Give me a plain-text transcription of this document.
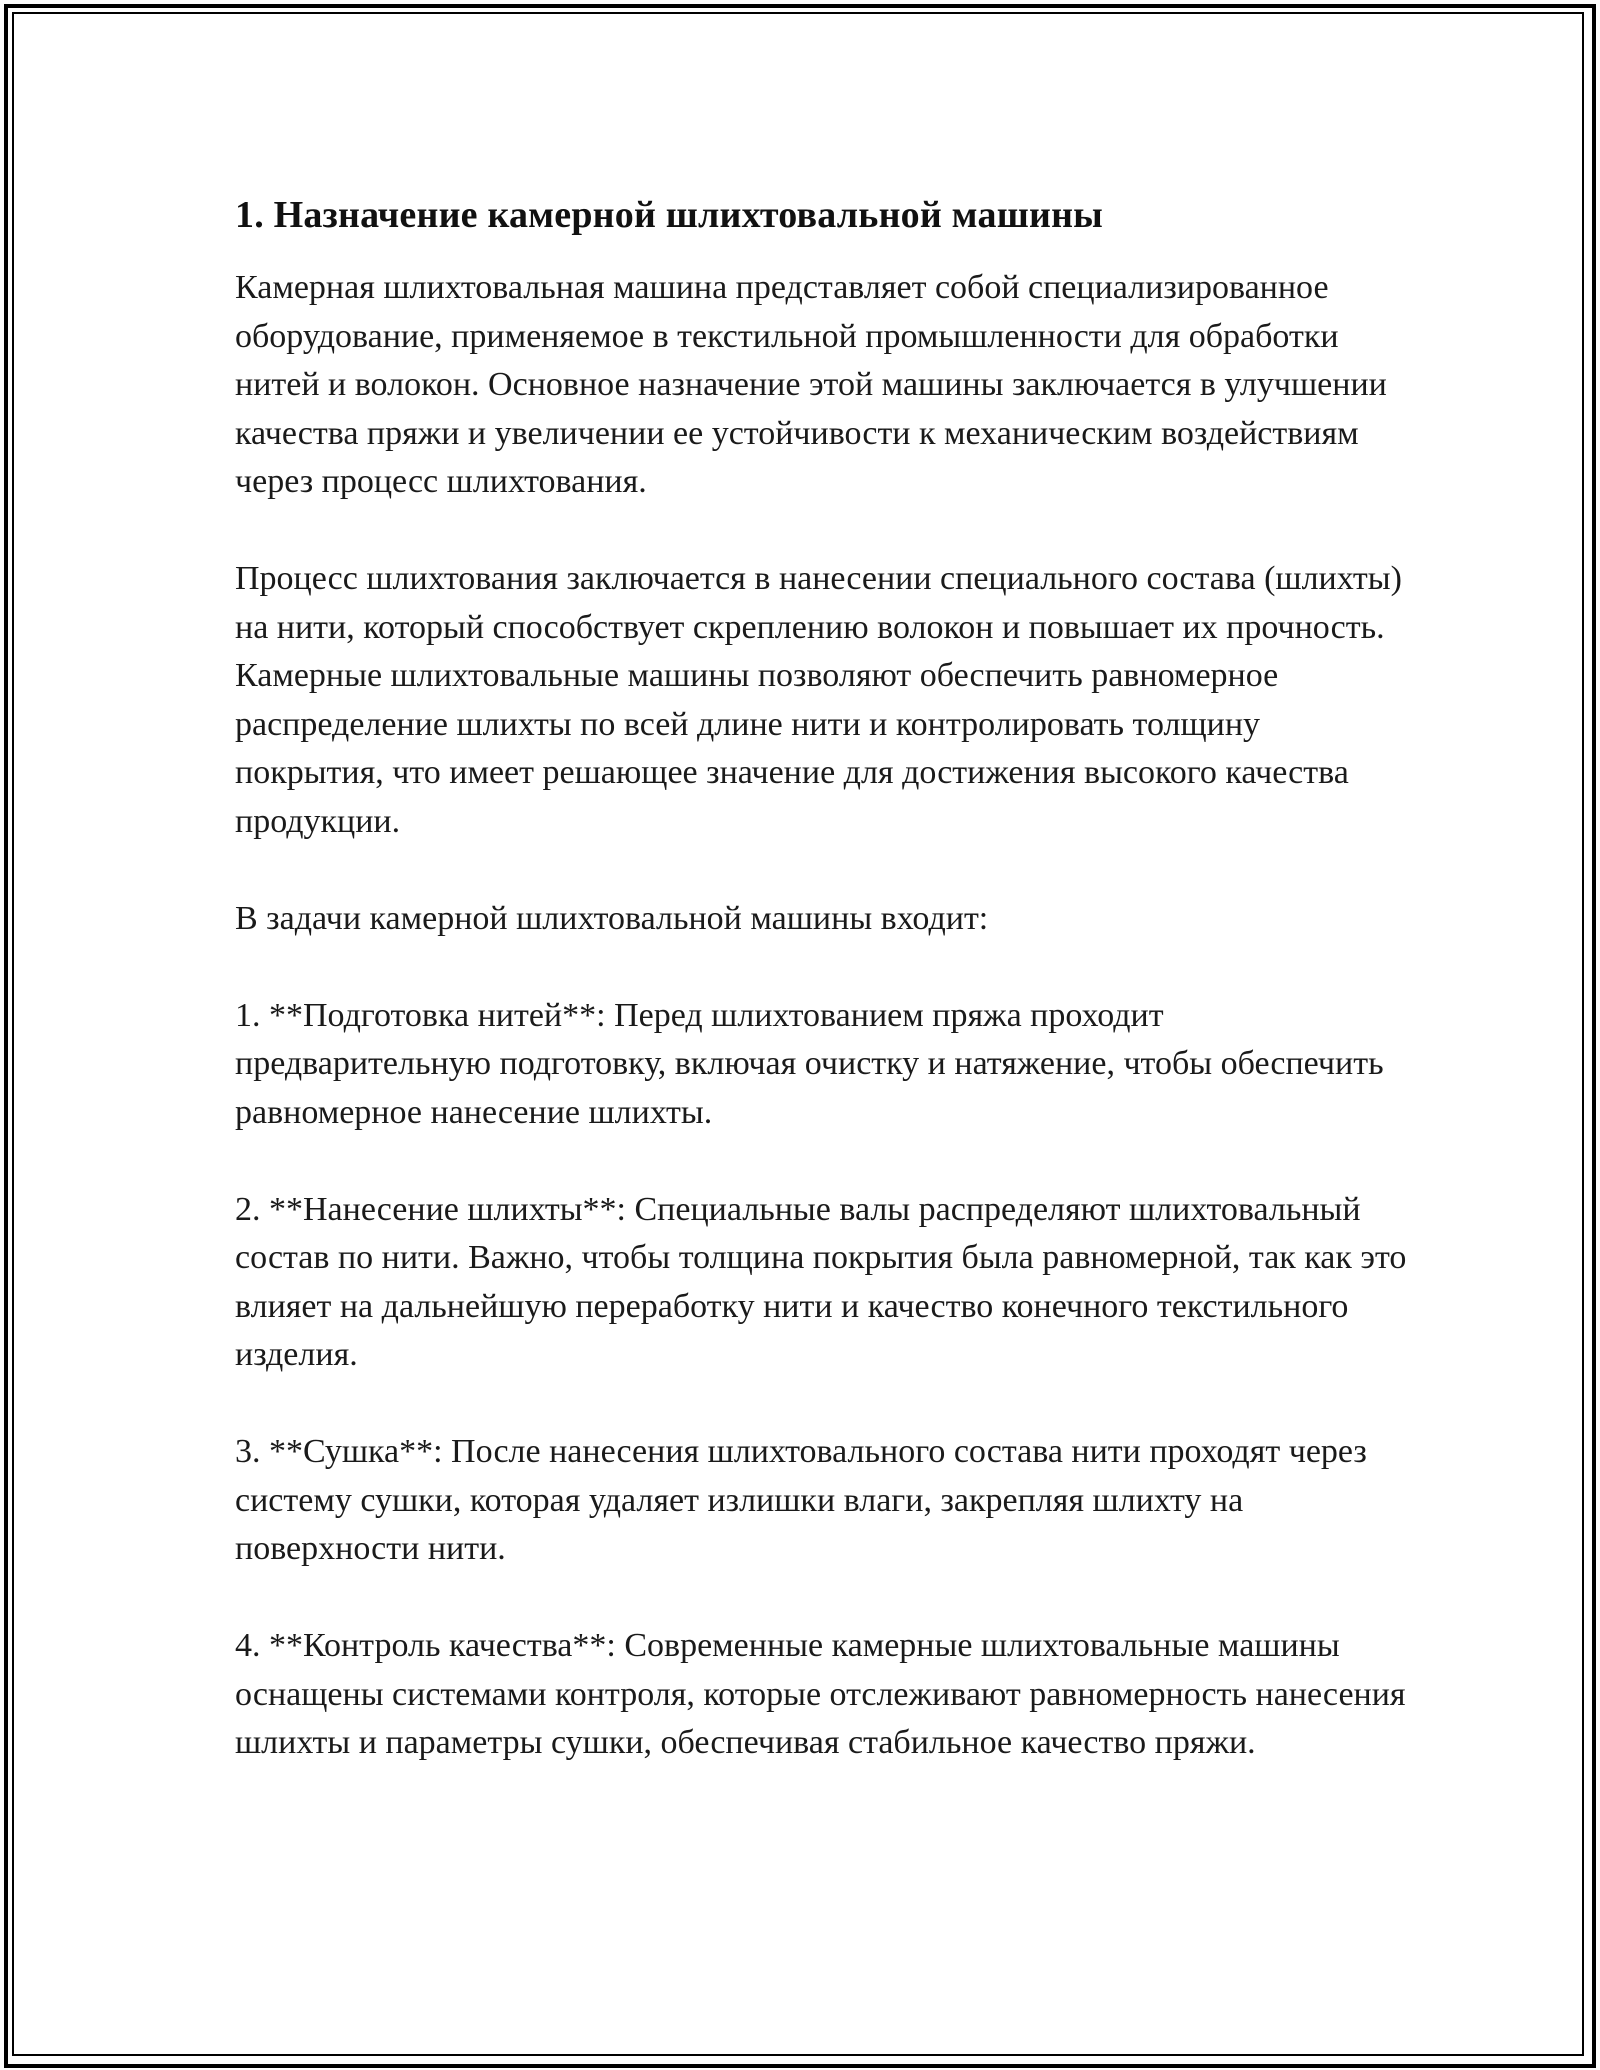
1. Назначение камерной шлихтовальной машины

Камерная шлихтовальная машина представляет собой специализированное оборудование, применяемое в текстильной промышленности для обработки нитей и волокон. Основное назначение этой машины заключается в улучшении качества пряжи и увеличении ее устойчивости к механическим воздействиям через процесс шлихтования.

Процесс шлихтования заключается в нанесении специального состава (шлихты) на нити, который способствует скреплению волокон и повышает их прочность. Камерные шлихтовальные машины позволяют обеспечить равномерное распределение шлихты по всей длине нити и контролировать толщину покрытия, что имеет решающее значение для достижения высокого качества продукции.

В задачи камерной шлихтовальной машины входит:

1. **Подготовка нитей**: Перед шлихтованием пряжа проходит предварительную подготовку, включая очистку и натяжение, чтобы обеспечить равномерное нанесение шлихты.

2. **Нанесение шлихты**: Специальные валы распределяют шлихтовальный состав по нити. Важно, чтобы толщина покрытия была равномерной, так как это влияет на дальнейшую переработку нити и качество конечного текстильного изделия.

3. **Сушка**: После нанесения шлихтовального состава нити проходят через систему сушки, которая удаляет излишки влаги, закрепляя шлихту на поверхности нити.

4. **Контроль качества**: Современные камерные шлихтовальные машины оснащены системами контроля, которые отслеживают равномерность нанесения шлихты и параметры сушки, обеспечивая стабильное качество пряжи.
